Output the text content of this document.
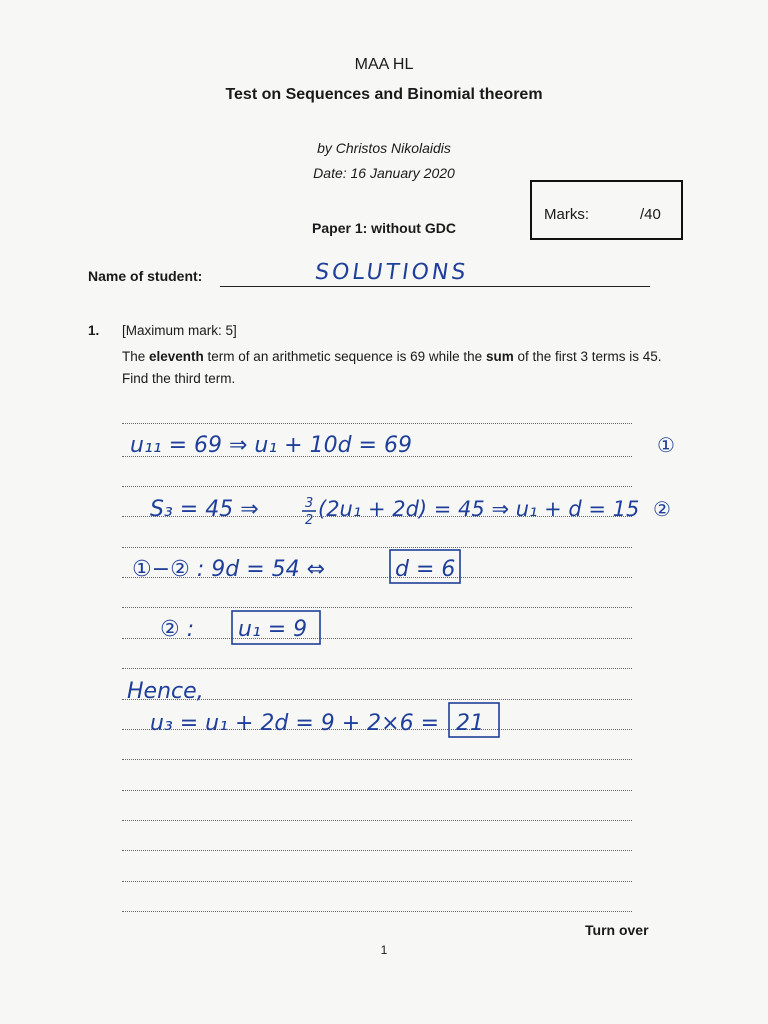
MAA HL
Test on Sequences and Binomial theorem
by Christos Nikolaidis
Date: 16 January 2020
Paper 1: without GDC
Marks:	/40
Name of student:	SOLUTIONS
1. [Maximum mark: 5]
The eleventh term of an arithmetic sequence is 69 while the sum of the first 3 terms is 45. Find the third term.
u₁₁ = 69 ⇒ u₁ + 10d = 69	①
S₃ = 45 ⇒	3
2 (2u₁ + 2d) = 45 ⇒ u₁ + d = 15 ②
①−② : 9d = 54 ⇔	d = 6
② : u₁ = 9
Hence,
u₃ = u₁ + 2d = 9 + 2×6 = 21
Turn over
1
